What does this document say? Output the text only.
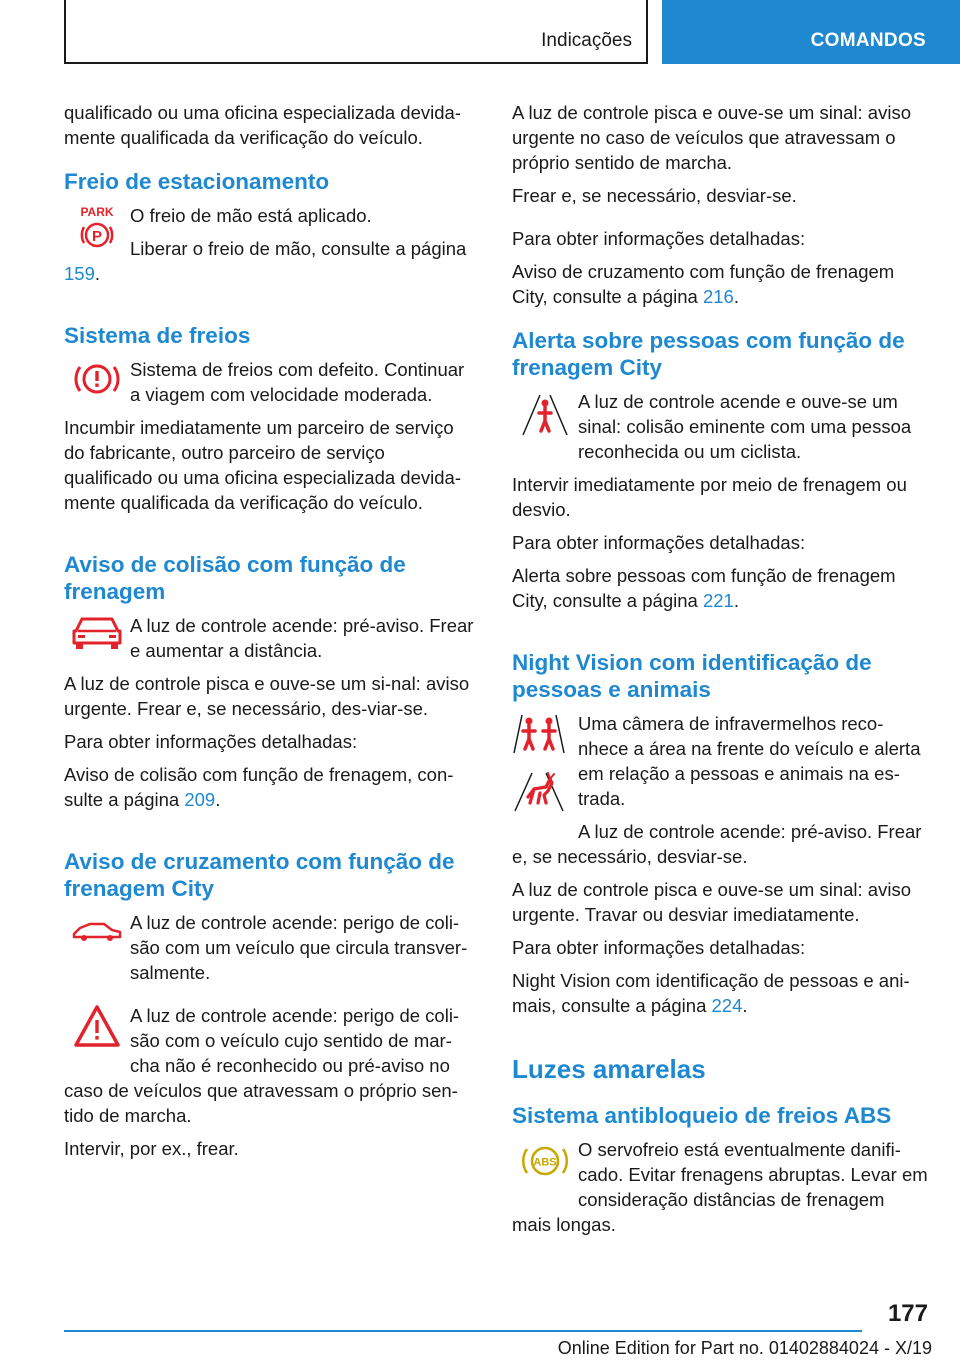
Indicações	COMANDOS

qualificado ou uma oficina especializada devida-mente qualificada da verificação do veículo.

Freio de estacionamento
PARK
P

O freio de mão está aplicado.

Liberar o freio de mão, consulte a página
159.

Sistema de freios

Sistema de freios com defeito. Continuar a viagem com velocidade moderada.

Incumbir imediatamente um parceiro de serviço do fabricante, outro parceiro de serviço qualificado ou uma oficina especializada devida-mente qualificada da verificação do veículo.

Aviso de colisão com função de frenagem

A luz de controle acende: pré-aviso. Frear e aumentar a distância.

A luz de controle pisca e ouve-se um si-nal: aviso urgente. Frear e, se necessário, des-viar-se.

Para obter informações detalhadas:

Aviso de colisão com função de frenagem, con-sulte a página 209.

Aviso de cruzamento com função de frenagem City

A luz de controle acende: perigo de coli-são com um veículo que circula transver-salmente.

A luz de controle acende: perigo de coli-são com o veículo cujo sentido de mar-cha não é reconhecido ou pré-aviso no caso de veículos que atravessam o próprio sen-tido de marcha.

Intervir, por ex., frear.

A luz de controle pisca e ouve-se um sinal: aviso urgente no caso de veículos que atravessam o próprio sentido de marcha.

Frear e, se necessário, desviar-se.

Para obter informações detalhadas:

Aviso de cruzamento com função de frenagem City, consulte a página 216.

Alerta sobre pessoas com função de frenagem City

A luz de controle acende e ouve-se um sinal: colisão eminente com uma pessoa reconhecida ou um ciclista.

Intervir imediatamente por meio de frenagem ou desvio.

Para obter informações detalhadas:

Alerta sobre pessoas com função de frenagem City, consulte a página 221.

Night Vision com identificação de pessoas e animais

Uma câmera de infravermelhos reco-nhece a área na frente do veículo e alerta em relação a pessoas e animais na es-trada.

A luz de controle acende: pré-aviso. Frear e, se necessário, desviar-se.

A luz de controle pisca e ouve-se um sinal: aviso urgente. Travar ou desviar imediatamente.

Para obter informações detalhadas:

Night Vision com identificação de pessoas e ani-mais, consulte a página 224.

Luzes amarelas
Sistema antibloqueio de freios ABS
ABS

O servofreio está eventualmente danifi-cado. Evitar frenagens abruptas. Levar em consideração distâncias de frenagem mais longas.

177
Online Edition for Part no. 01402884024 - X/19
